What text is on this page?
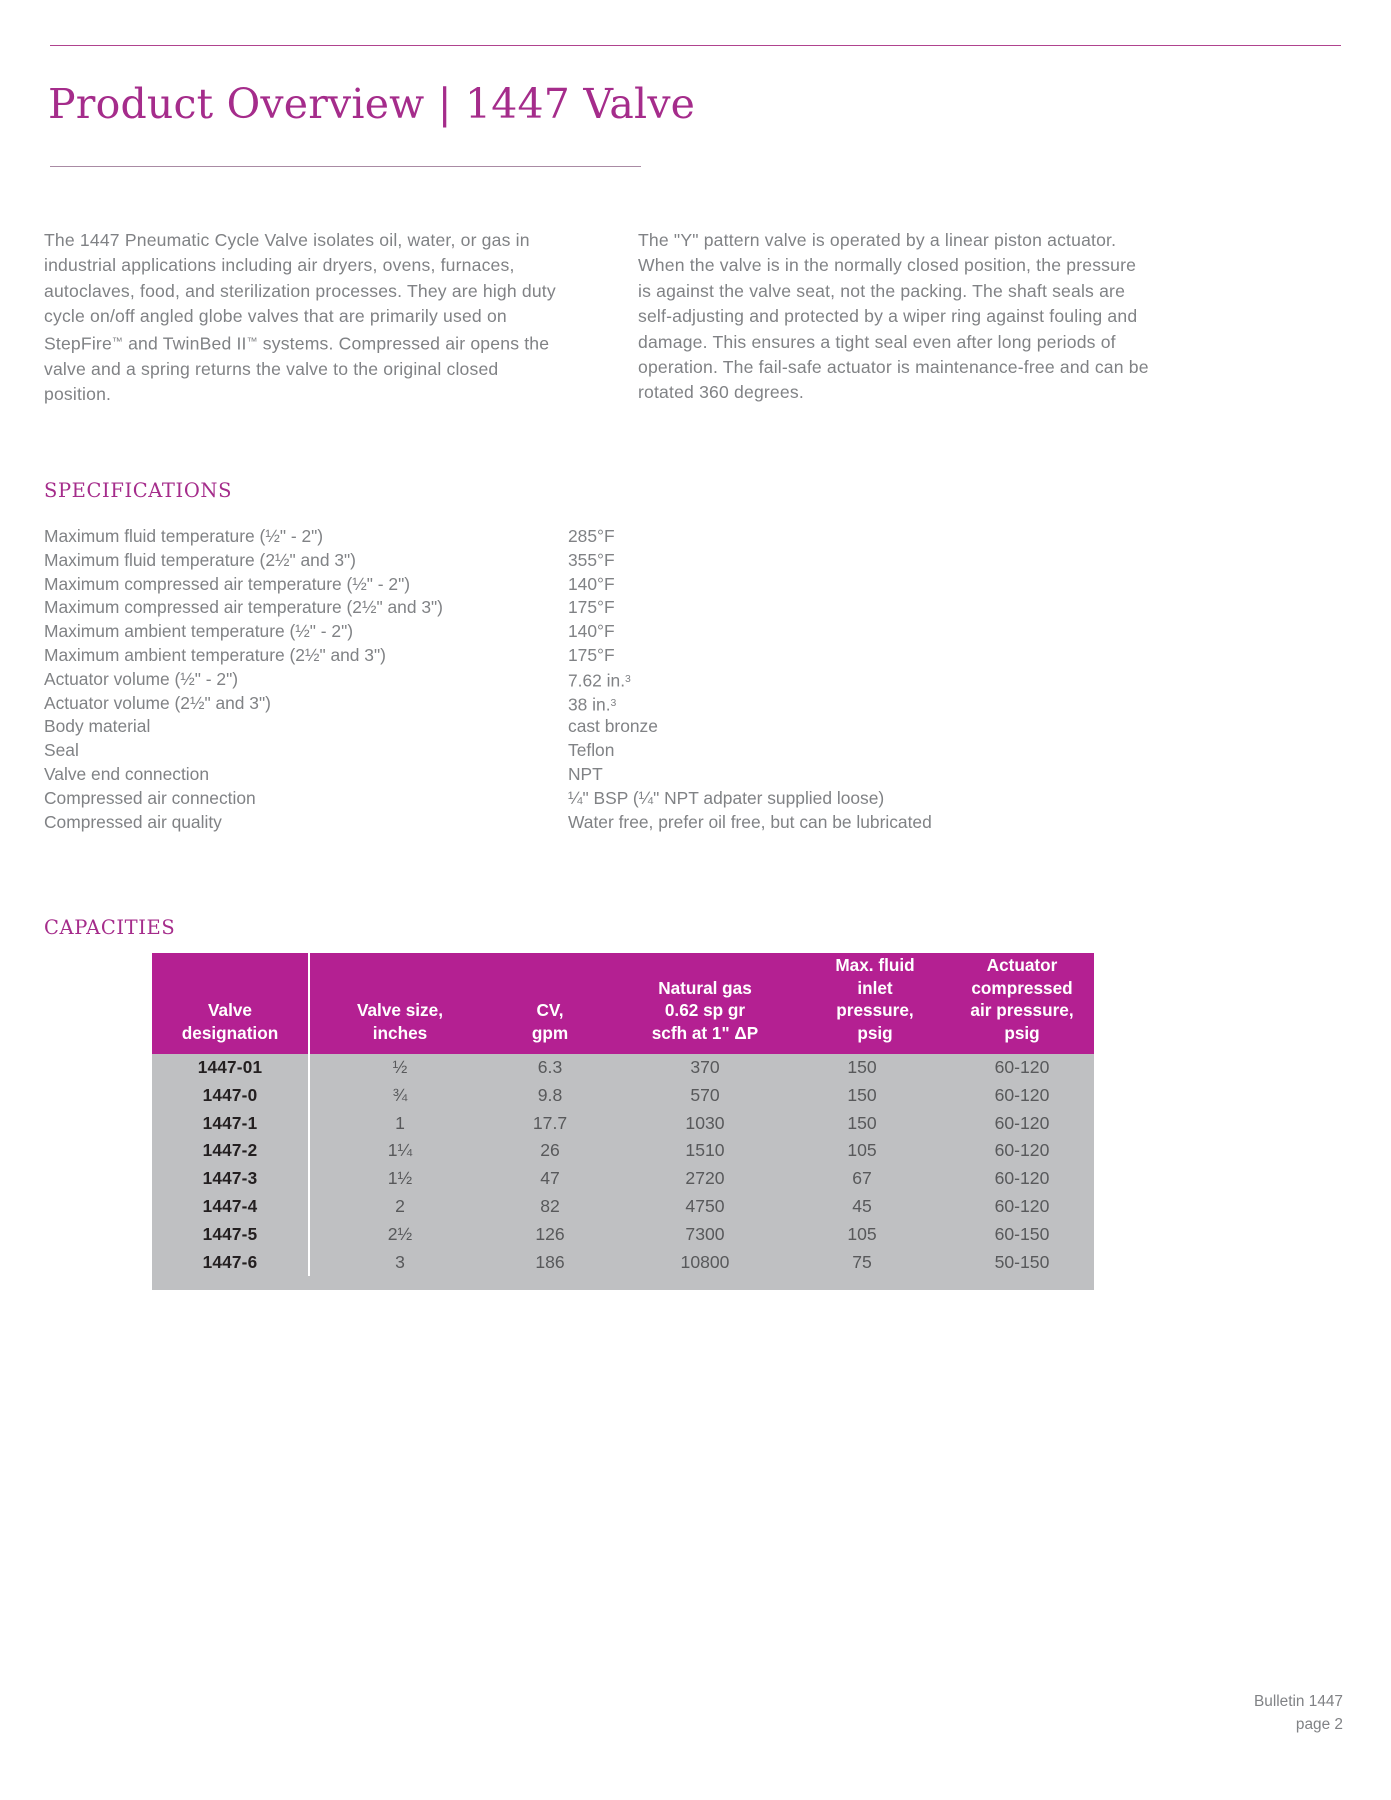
Product Overview | 1447 Valve
The 1447 Pneumatic Cycle Valve isolates oil, water, or gas in industrial applications including air dryers, ovens, furnaces, autoclaves, food, and sterilization processes. They are high duty cycle on/off angled globe valves that are primarily used on StepFire™ and TwinBed II™ systems. Compressed air opens the valve and a spring returns the valve to the original closed position.
The "Y" pattern valve is operated by a linear piston actuator. When the valve is in the normally closed position, the pressure is against the valve seat, not the packing. The shaft seals are self-adjusting and protected by a wiper ring against fouling and damage. This ensures a tight seal even after long periods of operation. The fail-safe actuator is maintenance-free and can be rotated 360 degrees.
SPECIFICATIONS
Maximum fluid temperature (½" - 2")	285°F
Maximum fluid temperature (2½" and 3")	355°F
Maximum compressed air temperature (½" - 2")	140°F
Maximum compressed air temperature (2½" and 3")	175°F
Maximum ambient temperature (½" - 2")	140°F
Maximum ambient temperature (2½" and 3")	175°F
Actuator volume (½" - 2")	7.62 in.$^3$
Actuator volume (2½" and 3")	38 in.$^3$
Body material	cast bronze
Seal	Teflon
Valve end connection	NPT
Compressed air connection	¼" BSP (¼" NPT adpater supplied loose)
Compressed air quality	Water free, prefer oil free, but can be lubricated
CAPACITIES
Valve
designation

Valve size,
inches

CV,
gpm

Natural gas
0.62 sp gr
scfh at 1" ΔP

Max. fluid
inlet
pressure,
psig

Actuator
compressed
air pressure,
psig

1447-01	½	6.3	370	150	60-120
1447-0	¾	9.8	570	150	60-120
1447-1	1	17.7	1030	150	60-120
1447-2	1¼	26	1510	105	60-120
1447-3	1½	47	2720	67	60-120
1447-4	2	82	4750	45	60-120
1447-5	2½	126	7300	105	60-150
1447-6	3	186	10800	75	50-150
Bulletin 1447
page 2
